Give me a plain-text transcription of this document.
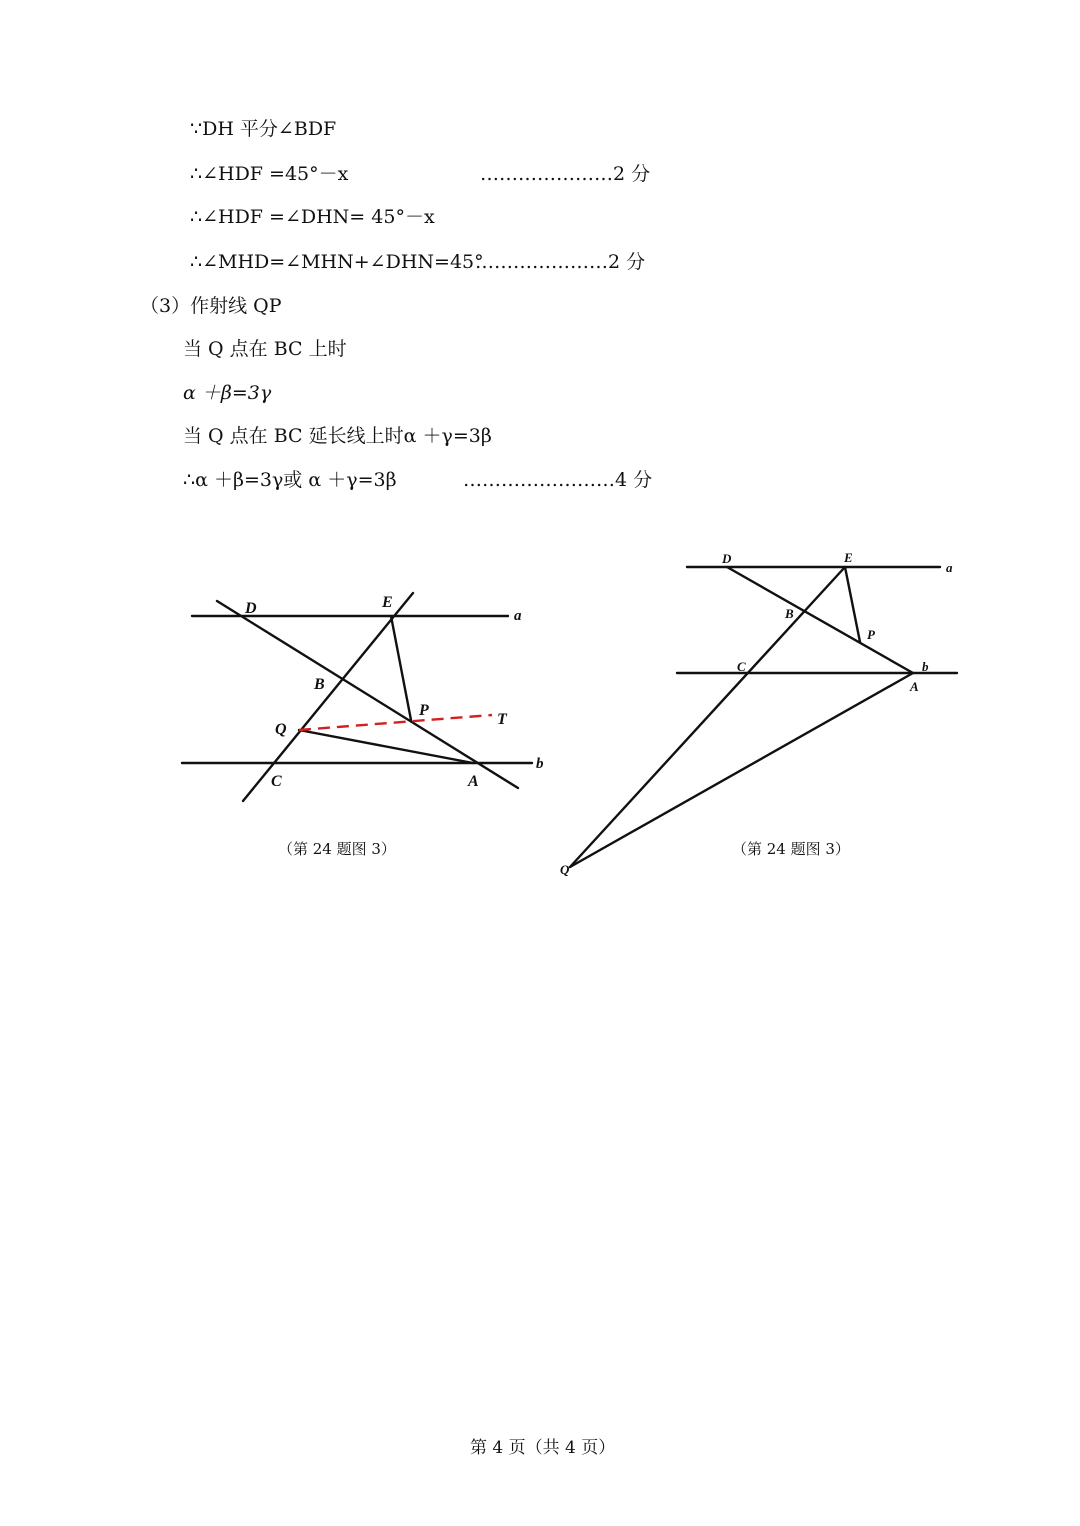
∵DH 平分∠BDF
∴∠HDF =45°－x	…………………2 分
∴∠HDF =∠DHN= 45°－x
∴∠MHD=∠MHN+∠DHN=45°
…………………2 分
（3）作射线 QP
当 Q 点在 BC 上时
α ＋β=3γ
当 Q 点在 BC 延长线上时α ＋γ=3β
∴α ＋β=3γ或 α ＋γ=3β	……………………4 分
D	E
a
B
P
T
Q
C	A
b
（第 24 题图 3）
D	E
a
B
P
C	b
A
Q
（第 24 题图 3）
第 4 页（共 4 页）
